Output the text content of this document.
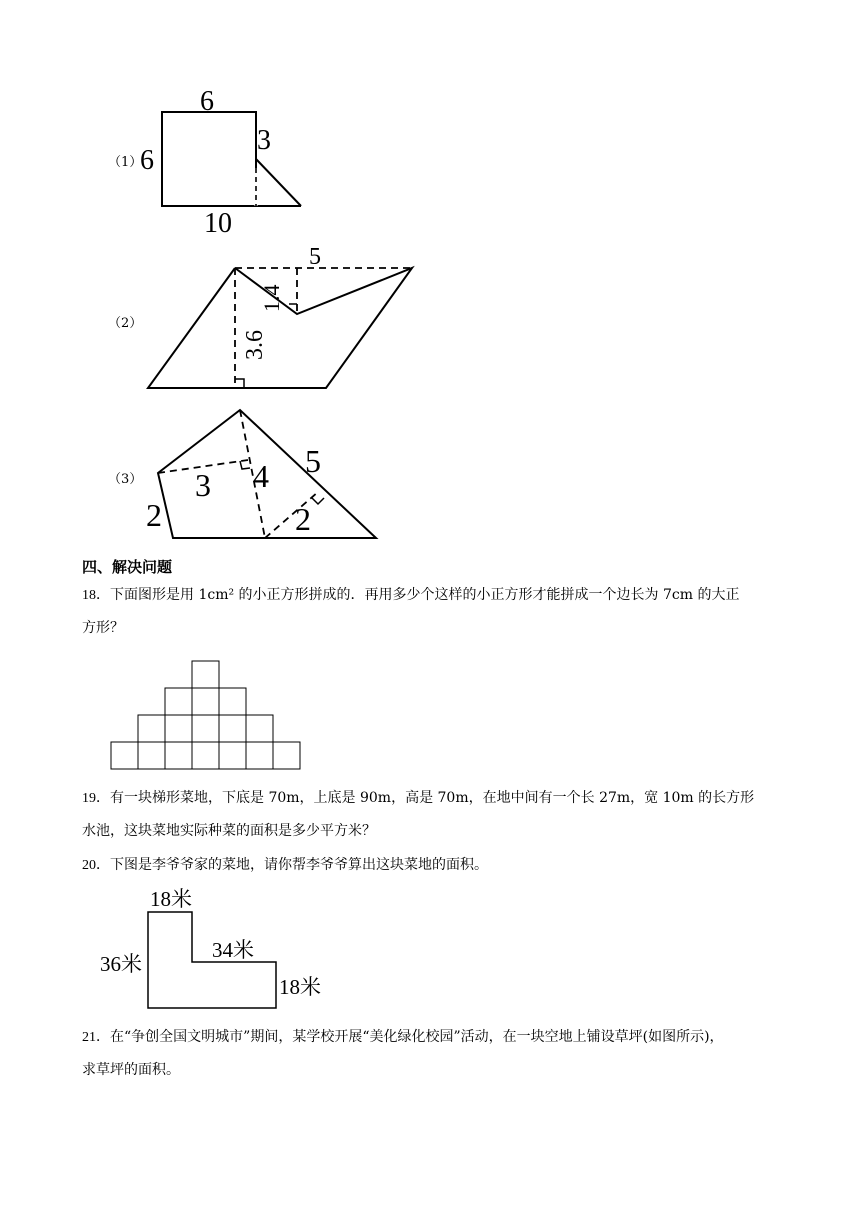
（1）
6
6
3
10
（2）
5
1.4
3.6
（3） 3 4 5
2	2
四、解决问题
18．下面图形是用 1cm² 的小正方形拼成的．再用多少个这样的小正方形才能拼成一个边长为 7cm 的大正
方形？
19．有一块梯形菜地，下底是 70m，上底是 90m，高是 70m，在地中间有一个长 27m，宽 10m 的长方形
水池，这块菜地实际种菜的面积是多少平方米？
20．下图是李爷爷家的菜地，请你帮李爷爷算出这块菜地的面积。
18米
36米
34米
18米
21．在“争创全国文明城市”期间，某学校开展“美化绿化校园”活动，在一块空地上铺设草坪(如图所示)，
求草坪的面积。
